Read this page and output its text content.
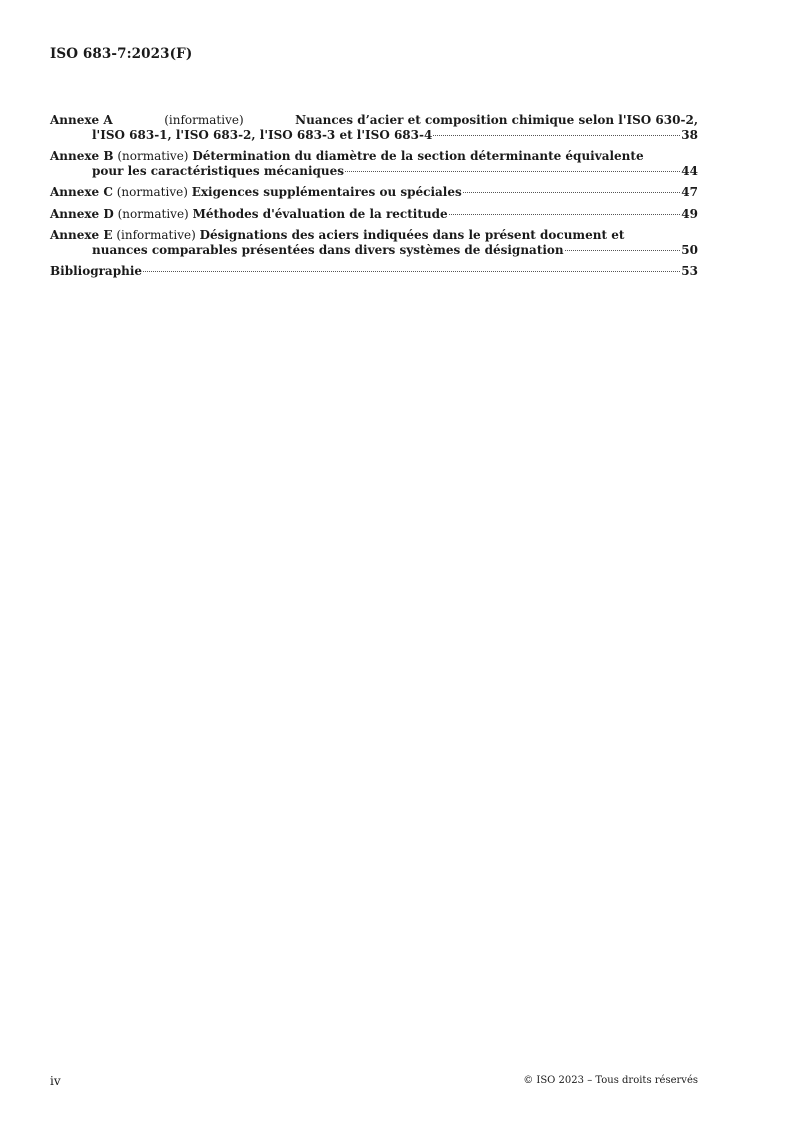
ISO 683-7:2023(F)
Annexe A	(informative)	Nuances d’acier et composition chimique selon l'ISO 630-2,
l'ISO 683-1, l'ISO 683-2, l'ISO 683-3 et l'ISO 683-4	38
Annexe B (normative) Détermination du diamètre de la section déterminante équivalente
pour les caractéristiques mécaniques	44
Annexe C (normative) Exigences supplémentaires ou spéciales	47
Annexe D (normative) Méthodes d'évaluation de la rectitude	49
Annexe E (informative) Désignations des aciers indiquées dans le présent document et
nuances comparables présentées dans divers systèmes de désignation	50
Bibliographie	53
iv	© ISO 2023 – Tous droits réservés
